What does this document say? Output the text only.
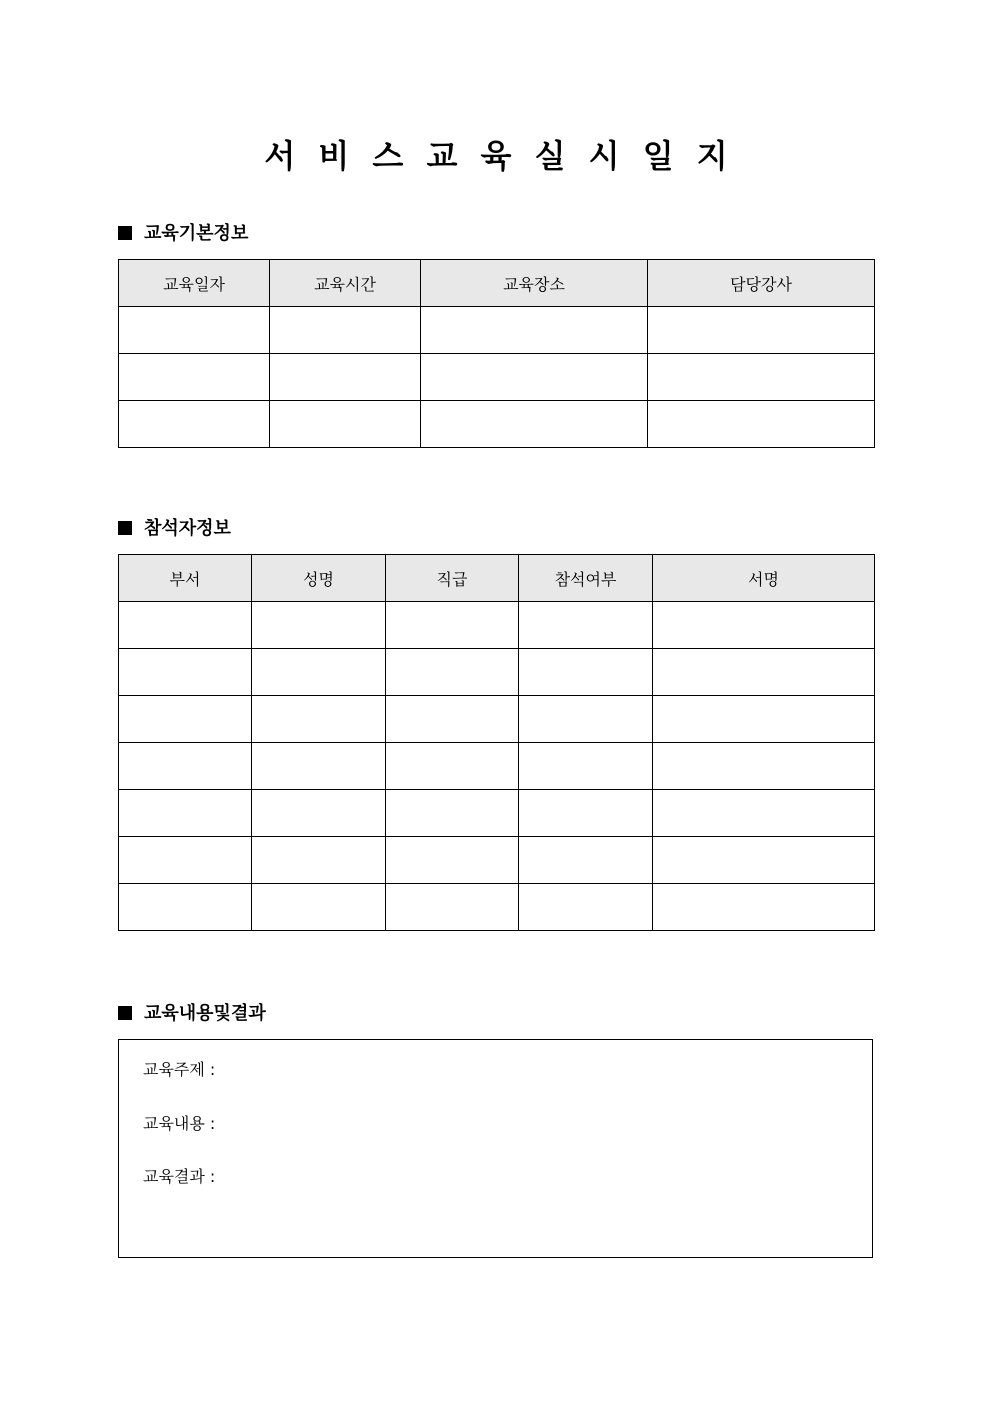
서 비 스 교 육 실 시 일 지
교육기본정보
교육일자	교육시간	교육장소	담당강사

참석자정보
부서	성명	직급	참석여부	서명

교육내용및결과
교육주제 :
교육내용 :
교육결과 :
